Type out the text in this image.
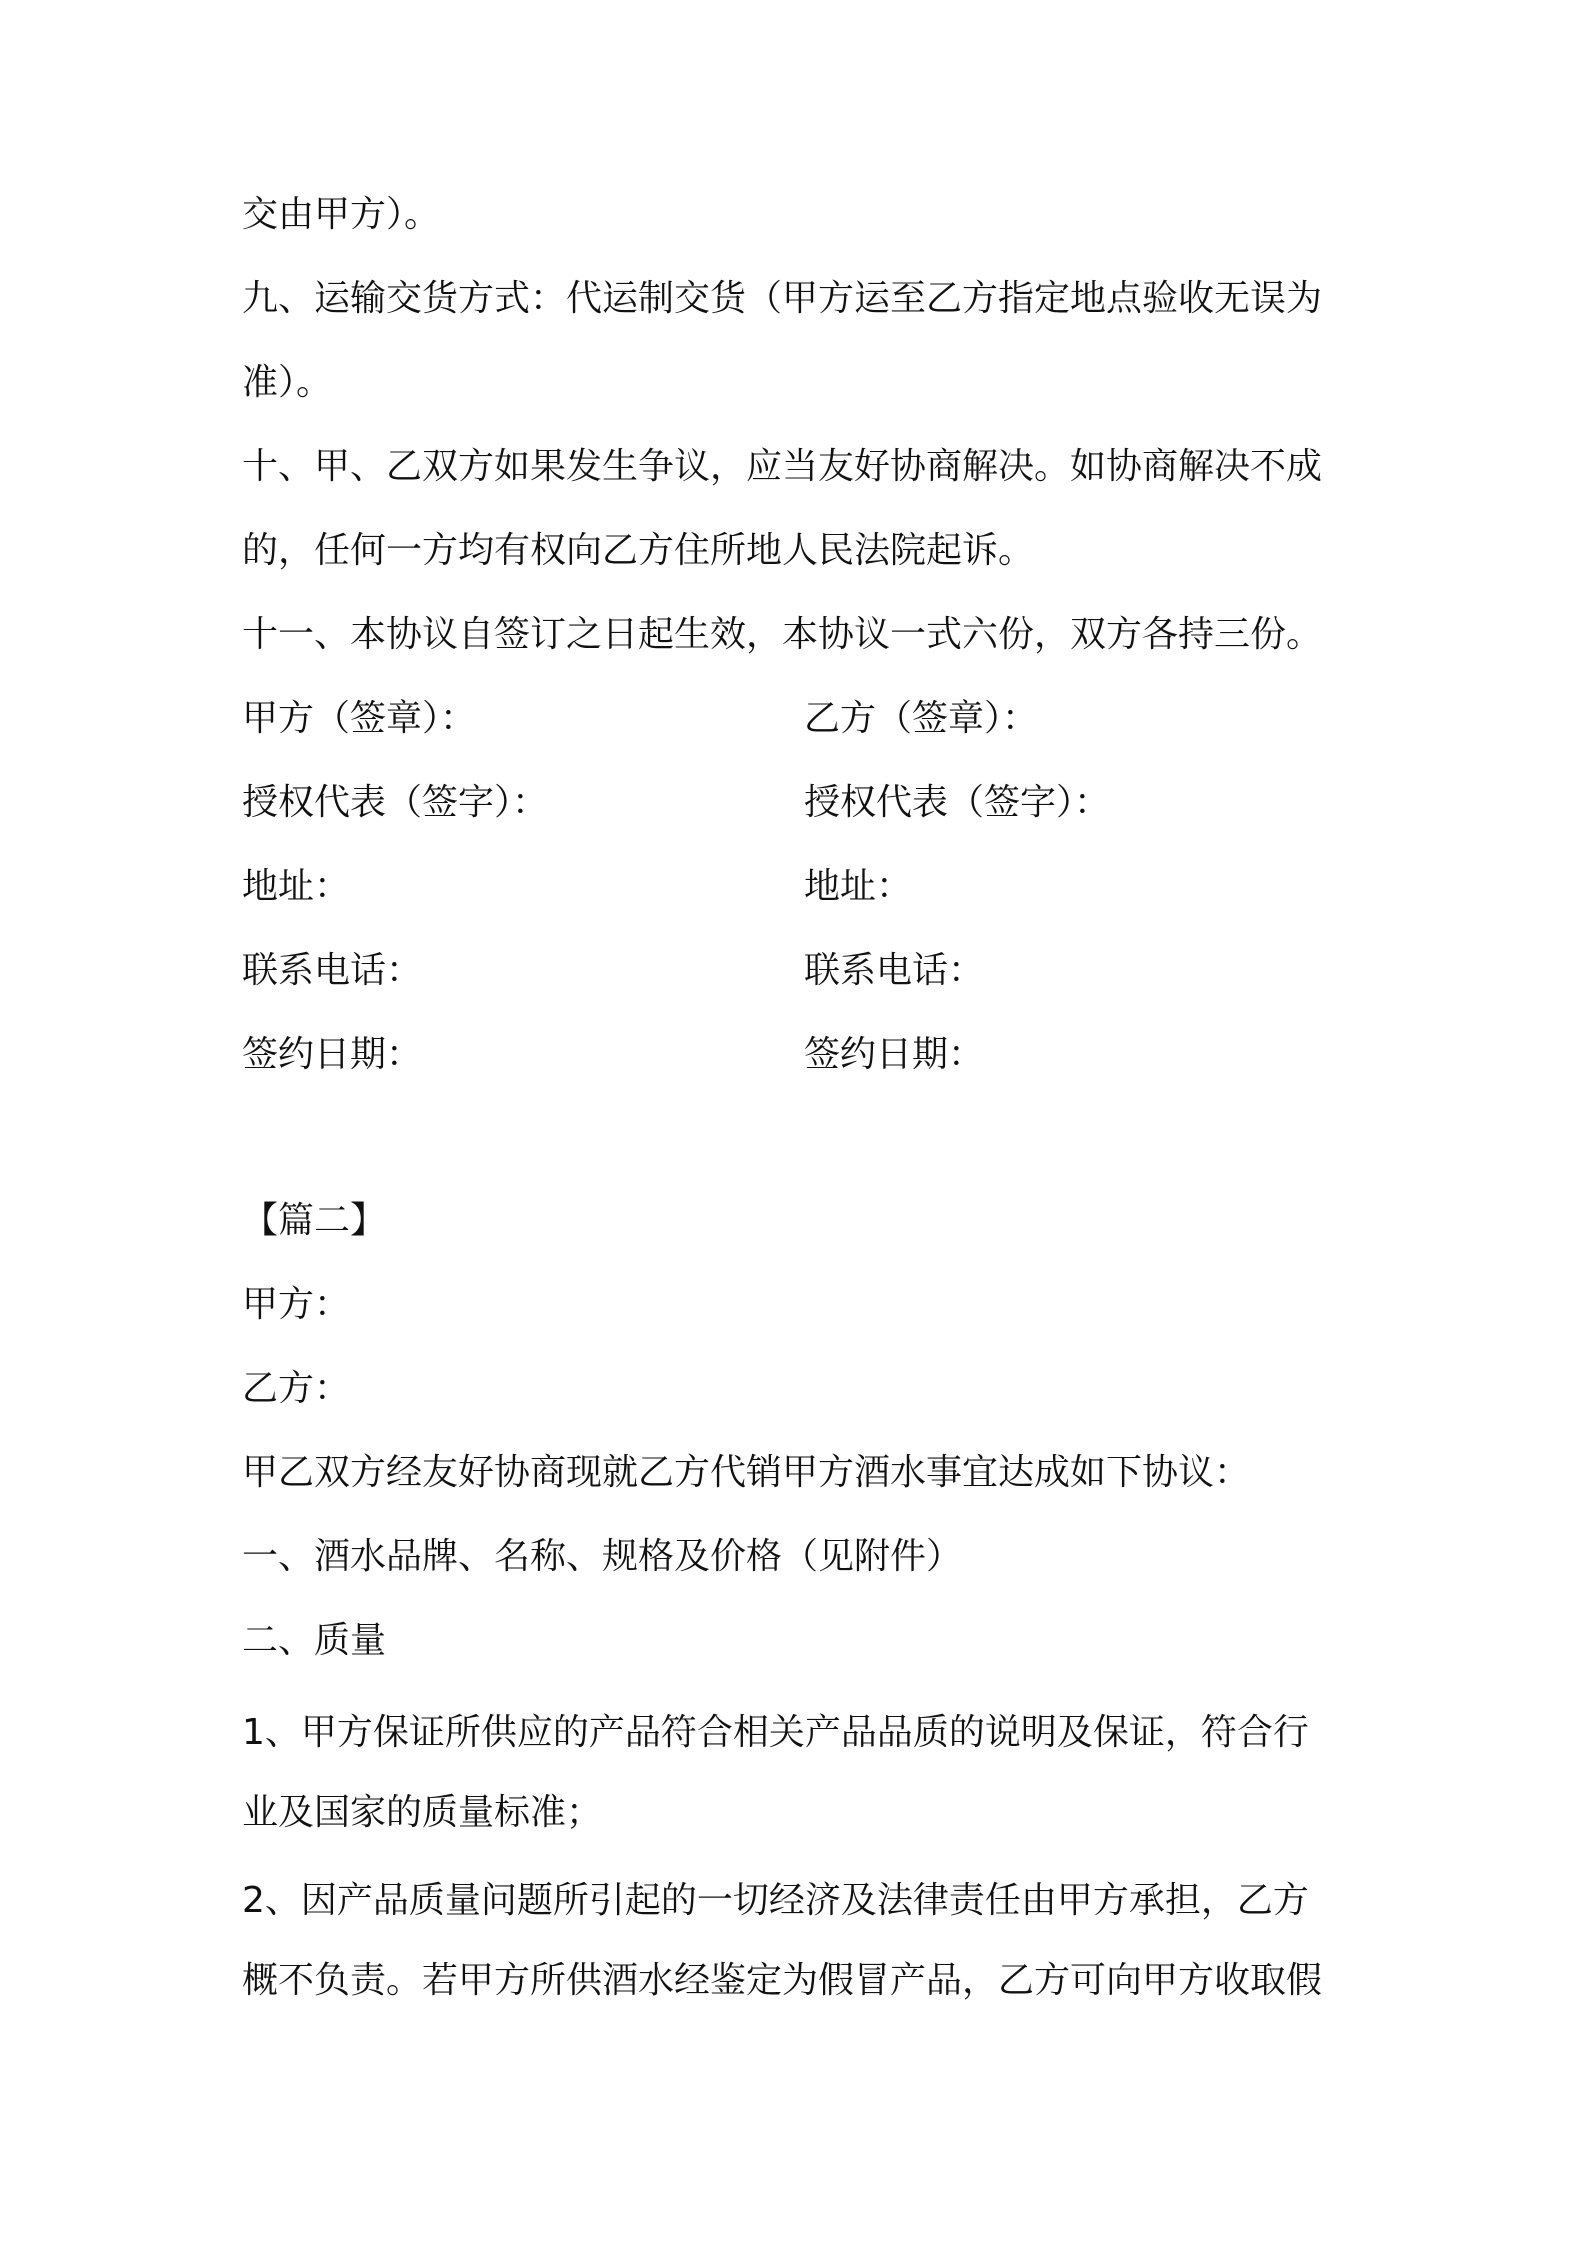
交由甲方）。

九、运输交货方式：代运制交货（甲方运至乙方指定地点验收无误为

准）。

十、甲、乙双方如果发生争议，应当友好协商解决。如协商解决不成

的，任何一方均有权向乙方住所地人民法院起诉。

十一、本协议自签订之日起生效，本协议一式六份，双方各持三份。

甲方（签章）：	乙方（签章）：
授权代表（签字）：	授权代表（签字）：
地址：	地址：
联系电话：	联系电话：
签约日期：	签约日期：

【篇二】

甲方：

乙方：

甲乙双方经友好协商现就乙方代销甲方酒水事宜达成如下协议：

一、酒水品牌、名称、规格及价格（见附件）

二、质量

1、甲方保证所供应的产品符合相关产品品质的说明及保证，符合行

业及国家的质量标准；

2、因产品质量问题所引起的一切经济及法律责任由甲方承担，乙方

概不负责。若甲方所供酒水经鉴定为假冒产品，乙方可向甲方收取假
